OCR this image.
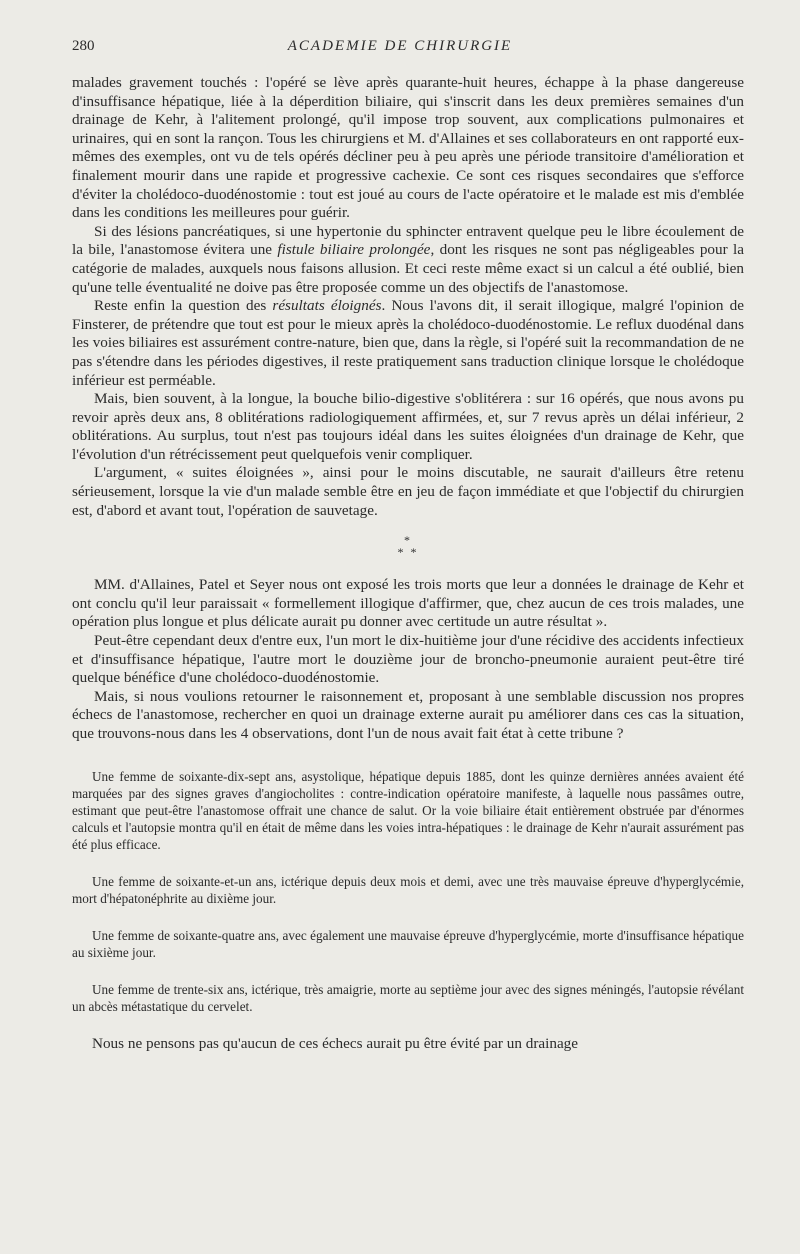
280	ACADEMIE DE CHIRURGIE

malades gravement touchés : l'opéré se lève après quarante-huit heures, échappe à la phase dangereuse d'insuffisance hépatique, liée à la déperdition biliaire, qui s'inscrit dans les deux premières semaines d'un drainage de Kehr, à l'alitement prolongé, qu'il impose trop souvent, aux complications pulmonaires et urinaires, qui en sont la rançon. Tous les chirurgiens et M. d'Allaines et ses collaborateurs en ont rapporté eux-mêmes des exemples, ont vu de tels opérés décliner peu à peu après une période transitoire d'amélioration et finalement mourir dans une rapide et progressive cachexie. Ce sont ces risques secondaires que s'efforce d'éviter la cholédoco-duodénostomie : tout est joué au cours de l'acte opératoire et le malade est mis d'emblée dans les conditions les meilleures pour guérir.

Si des lésions pancréatiques, si une hypertonie du sphincter entravent quelque peu le libre écoulement de la bile, l'anastomose évitera une fistule biliaire prolongée, dont les risques ne sont pas négligeables pour la catégorie de malades, auxquels nous faisons allusion. Et ceci reste même exact si un calcul a été oublié, bien qu'une telle éventualité ne doive pas être proposée comme un des objectifs de l'anastomose.

Reste enfin la question des résultats éloignés. Nous l'avons dit, il serait illogique, malgré l'opinion de Finsterer, de prétendre que tout est pour le mieux après la cholédoco-duodénostomie. Le reflux duodénal dans les voies biliaires est assurément contre-nature, bien que, dans la règle, si l'opéré suit la recommandation de ne pas s'étendre dans les périodes digestives, il reste pratiquement sans traduction clinique lorsque le cholédoque inférieur est perméable.

Mais, bien souvent, à la longue, la bouche bilio-digestive s'oblitérera : sur 16 opérés, que nous avons pu revoir après deux ans, 8 oblitérations radiologiquement affirmées, et, sur 7 revus après un délai inférieur, 2 oblitérations. Au surplus, tout n'est pas toujours idéal dans les suites éloignées d'un drainage de Kehr, que l'évolution d'un rétrécissement peut quelquefois venir compliquer.

L'argument, « suites éloignées », ainsi pour le moins discutable, ne saurait d'ailleurs être retenu sérieusement, lorsque la vie d'un malade semble être en jeu de façon immédiate et que l'objectif du chirurgien est, d'abord et avant tout, l'opération de sauvetage.

*
* *

MM. d'Allaines, Patel et Seyer nous ont exposé les trois morts que leur a données le drainage de Kehr et ont conclu qu'il leur paraissait « formellement illogique d'affirmer, que, chez aucun de ces trois malades, une opération plus longue et plus délicate aurait pu donner avec certitude un autre résultat ».

Peut-être cependant deux d'entre eux, l'un mort le dix-huitième jour d'une récidive des accidents infectieux et d'insuffisance hépatique, l'autre mort le douzième jour de broncho-pneumonie auraient peut-être tiré quelque bénéfice d'une cholédoco-duodénostomie.

Mais, si nous voulions retourner le raisonnement et, proposant à une semblable discussion nos propres échecs de l'anastomose, rechercher en quoi un drainage externe aurait pu améliorer dans ces cas la situation, que trouvons-nous dans les 4 observations, dont l'un de nous avait fait état à cette tribune ?

Une femme de soixante-dix-sept ans, asystolique, hépatique depuis 1885, dont les quinze dernières années avaient été marquées par des signes graves d'angiocholites : contre-indication opératoire manifeste, à laquelle nous passâmes outre, estimant que peut-être l'anastomose offrait une chance de salut. Or la voie biliaire était entièrement obstruée par d'énormes calculs et l'autopsie montra qu'il en était de même dans les voies intra-hépatiques : le drainage de Kehr n'aurait assurément pas été plus efficace.

Une femme de soixante-et-un ans, ictérique depuis deux mois et demi, avec une très mauvaise épreuve d'hyperglycémie, mort d'hépatonéphrite au dixième jour.

Une femme de soixante-quatre ans, avec également une mauvaise épreuve d'hyperglycémie, morte d'insuffisance hépatique au sixième jour.

Une femme de trente-six ans, ictérique, très amaigrie, morte au septième jour avec des signes méningés, l'autopsie révélant un abcès métastatique du cervelet.

Nous ne pensons pas qu'aucun de ces échecs aurait pu être évité par un drainage
